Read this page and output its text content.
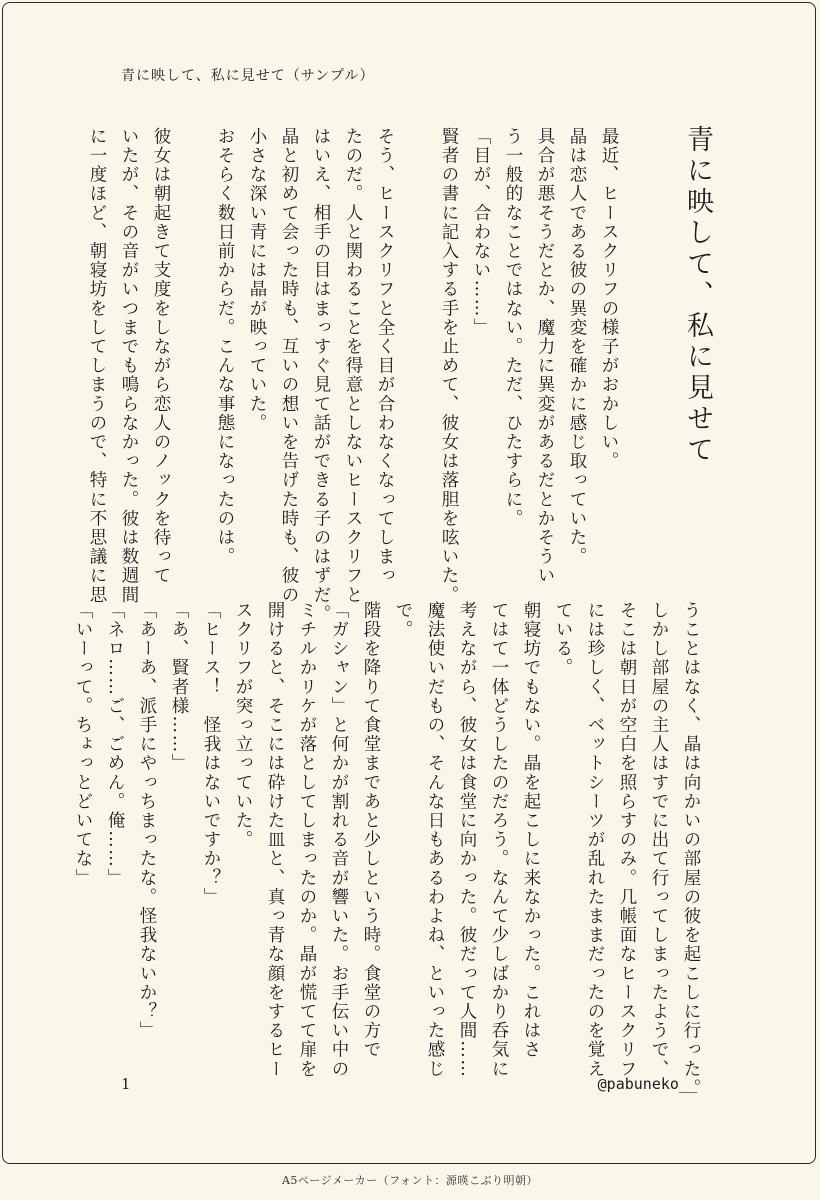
青に映して、私に見せて（サンプル）
青に映して、私に見せて
最近、ヒースクリフの様子がおかしい。
晶は恋人である彼の異変を確かに感じ取っていた。
具合が悪そうだとか、魔力に異変があるだとかそうい
う一般的なことではない。ただ、ひたすらに。
「目が、合わない……」
賢者の書に記入する手を止めて、彼女は落胆を呟いた。

そう、ヒースクリフと全く目が合わなくなってしまっ
たのだ。人と関わることを得意としないヒースクリフと
はいえ、相手の目はまっすぐ見て話ができる子のはずだ。
晶と初めて会った時も、互いの想いを告げた時も、彼の
小さな深い青には晶が映っていた。
おそらく数日前からだ。こんな事態になったのは。

彼女は朝起きて支度をしながら恋人のノックを待って
いたが、その音がいつまでも鳴らなかった。彼は数週間
に一度ほど、朝寝坊をしてしまうので、特に不思議に思
うことはなく、晶は向かいの部屋の彼を起こしに行った。
しかし部屋の主人はすでに出て行ってしまったようで、
そこは朝日が空白を照らすのみ。几帳面なヒースクリフ
には珍しく、ベットシーツが乱れたままだったのを覚え
ている。
朝寝坊でもない。晶を起こしに来なかった。これはさ
てはて一体どうしたのだろう。なんて少しばかり呑気に
考えながら、彼女は食堂に向かった。彼だって人間……
魔法使いだもの、そんな日もあるわよね、といった感じ
で。
階段を降りて食堂まであと少しという時。食堂の方で
「ガシャン」と何かが割れる音が響いた。お手伝い中の
ミチルかリケが落としてしまったのか。晶が慌てて扉を
開けると、そこには砕けた皿と、真っ青な顔をするヒー
スクリフが突っ立っていた。
「ヒース！　怪我はないですか？」
「あ、賢者様……」
「あーあ、派手にやっちまったな。怪我ないか？」
「ネロ……ご、ごめん。俺……」
「いーって。ちょっとどいてな」
1	@pabuneko__
A5ページメーカー（フォント：源暎こぶり明朝）
